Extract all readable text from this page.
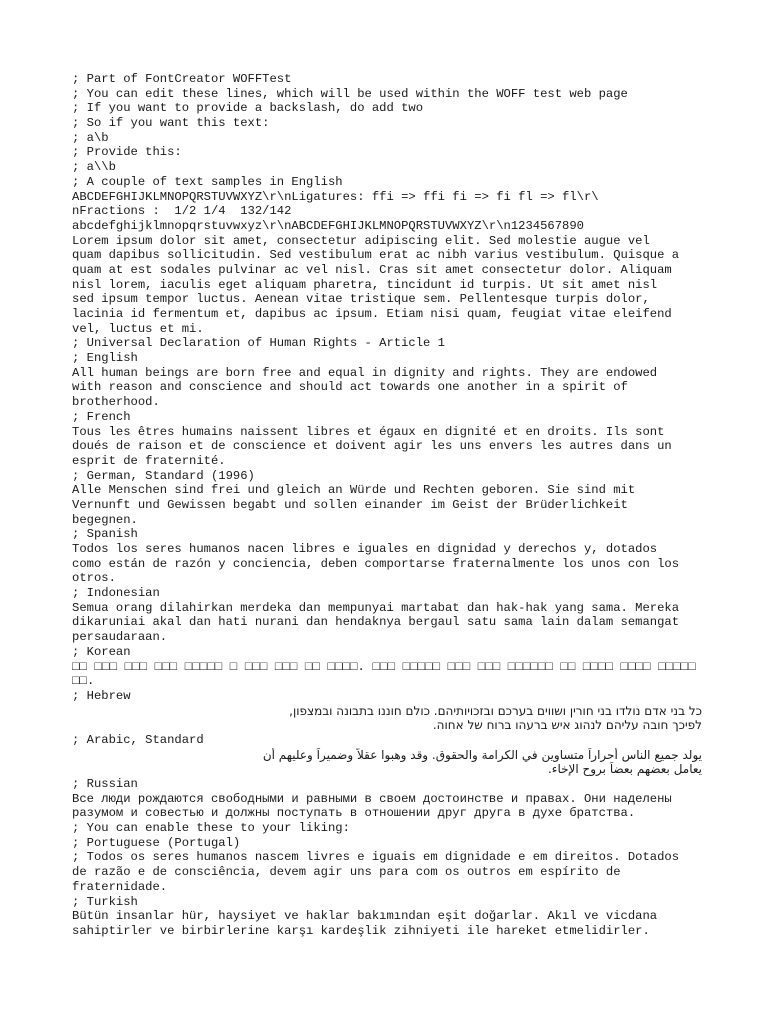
; Part of FontCreator WOFFTest
; You can edit these lines, which will be used within the WOFF test web page
; If you want to provide a backslash, do add two
; So if you want this text:
; a\b
; Provide this:
; a\\b
; A couple of text samples in English
ABCDEFGHIJKLMNOPQRSTUVWXYZ\r\nLigatures: ffi => ffi fi => fi fl => fl\r\
nFractions :  1/2 1/4  132/142
abcdefghijklmnopqrstuvwxyz\r\nABCDEFGHIJKLMNOPQRSTUVWXYZ\r\n1234567890
Lorem ipsum dolor sit amet, consectetur adipiscing elit. Sed molestie augue vel
quam dapibus sollicitudin. Sed vestibulum erat ac nibh varius vestibulum. Quisque a
quam at est sodales pulvinar ac vel nisl. Cras sit amet consectetur dolor. Aliquam
nisl lorem, iaculis eget aliquam pharetra, tincidunt id turpis. Ut sit amet nisl
sed ipsum tempor luctus. Aenean vitae tristique sem. Pellentesque turpis dolor,
lacinia id fermentum et, dapibus ac ipsum. Etiam nisi quam, feugiat vitae eleifend
vel, luctus et mi.
; Universal Declaration of Human Rights - Article 1
; English
All human beings are born free and equal in dignity and rights. They are endowed
with reason and conscience and should act towards one another in a spirit of
brotherhood.
; French
Tous les êtres humains naissent libres et égaux en dignité et en droits. Ils sont
doués de raison et de conscience et doivent agir les uns envers les autres dans un
esprit de fraternité.
; German, Standard (1996)
Alle Menschen sind frei und gleich an Würde und Rechten geboren. Sie sind mit
Vernunft und Gewissen begabt und sollen einander im Geist der Brüderlichkeit
begegnen.
; Spanish
Todos los seres humanos nacen libres e iguales en dignidad y derechos y, dotados
como están de razón y conciencia, deben comportarse fraternalmente los unos con los
otros.
; Indonesian
Semua orang dilahirkan merdeka dan mempunyai martabat dan hak-hak yang sama. Mereka
dikaruniai akal dan hati nurani dan hendaknya bergaul satu sama lain dalam semangat
persaudaraan.
; Korean
□□ □□□ □□□ □□□ □□□□□ □ □□□ □□□ □□ □□□□. □□□ □□□□□ □□□ □□□ □□□□□□ □□ □□□□ □□□□ □□□□□
□□.
; Hebrew
כל בני אדם נולדו בני חורין ושווים בערכם ובזכויותיהם. כולם חוננו בתבונה ובמצפון,
לפיכך חובה עליהם לנהוג איש ברעהו ברוח של אחוה.
; Arabic, Standard
يولد جميع الناس أحراراً متساوين في الكرامة والحقوق. وقد وهبوا عقلاً وضميراً وعليهم أن
يعامل بعضهم بعضاً بروح الإخاء.
; Russian
Все люди рождаются свободными и равными в своем достоинстве и правах. Они наделены
разумом и совестью и должны поступать в отношении друг друга в духе братства.
; You can enable these to your liking:
; Portuguese (Portugal)
; Todos os seres humanos nascem livres e iguais em dignidade e em direitos. Dotados
de razão e de consciência, devem agir uns para com os outros em espírito de
fraternidade.
; Turkish
Bütün insanlar hür, haysiyet ve haklar bakımından eşit doğarlar. Akıl ve vicdana
sahiptirler ve birbirlerine karşı kardeşlik zihniyeti ile hareket etmelidirler.
